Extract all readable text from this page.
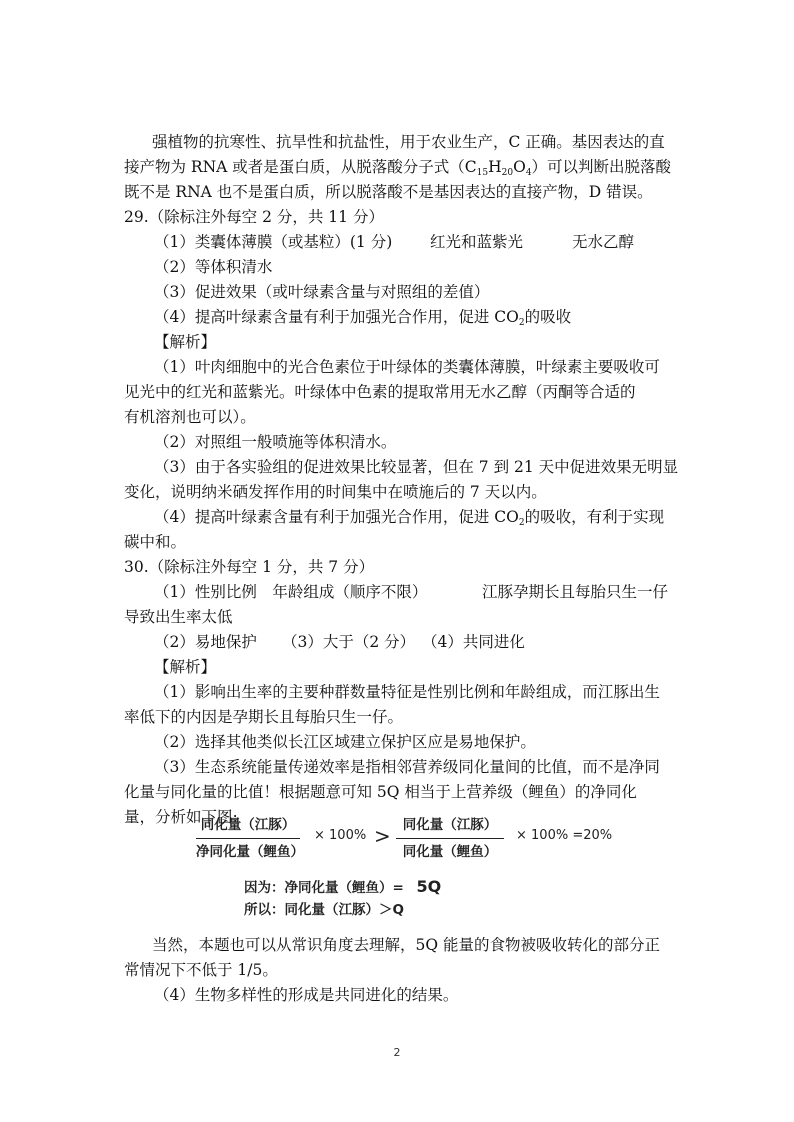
强植物的抗寒性、抗旱性和抗盐性，用于农业生产，C 正确。基因表达的直
接产物为 RNA 或者是蛋白质，从脱落酸分子式$(C_{15}H_{20}O_4)$可以判断出脱落酸
既不是 RNA 也不是蛋白质，所以脱落酸不是基因表达的直接产物，D 错误。
29.（除标注外每空 2 分，共 11 分）
（1）类囊体薄膜（或基粒）(1 分) 红光和蓝紫光	无水乙醇
（2）等体积清水
（3）促进效果（或叶绿素含量与对照组的差值）
（4）提高叶绿素含量有利于加强光合作用，促进 $CO_2$的吸收
【解析】
（1）叶肉细胞中的光合色素位于叶绿体的类囊体薄膜，叶绿素主要吸收可
见光中的红光和蓝紫光。叶绿体中色素的提取常用无水乙醇（丙酮等合适的
有机溶剂也可以）。
（2）对照组一般喷施等体积清水。
（3）由于各实验组的促进效果比较显著，但在 7 到 21 天中促进效果无明显
变化，说明纳米硒发挥作用的时间集中在喷施后的 7 天以内。
（4）提高叶绿素含量有利于加强光合作用，促进 $CO_2$的吸收，有利于实现
碳中和。
30.（除标注外每空 1 分，共 7 分）
（1）性别比例　年龄组成（顺序不限）	江豚孕期长且每胎只生一仔
导致出生率太低
（2）易地保护 （3）大于（2 分） （4）共同进化
【解析】
（1）影响出生率的主要种群数量特征是性别比例和年龄组成，而江豚出生
率低下的内因是孕期长且每胎只生一仔。
（2）选择其他类似长江区域建立保护区应是易地保护。
（3）生态系统能量传递效率是指相邻营养级同化量间的比值，而不是净同
化量与同化量的比值！根据题意可知 5Q 相当于上营养级（鲤鱼）的净同化
量，分析如下图:
同化量（江豚）
净同化量（鲤鱼）
× 100% > 同化量（江豚）
同化量（鲤鱼）
× 100% =20%
因为：净同化量（鲤鱼）= 5Q
所以：同化量（江豚）＞Q
当然，本题也可以从常识角度去理解，5Q 能量的食物被吸收转化的部分正
常情况下不低于 1/5。
（4）生物多样性的形成是共同进化的结果。
2
